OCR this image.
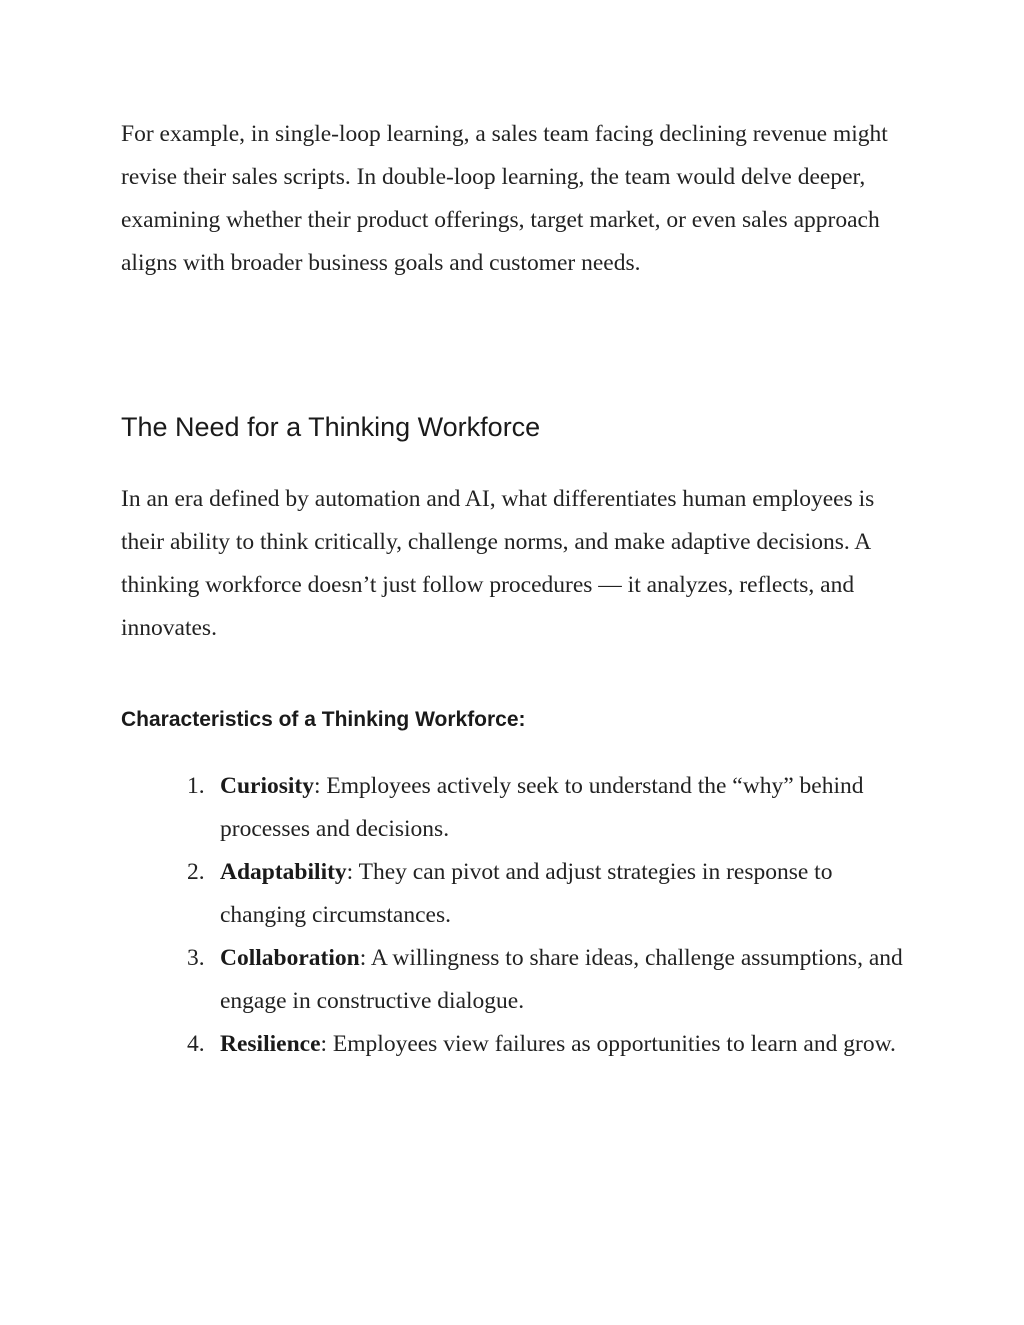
For example, in single-loop learning, a sales team facing declining revenue might revise their sales scripts. In double-loop learning, the team would delve deeper, examining whether their product offerings, target market, or even sales approach aligns with broader business goals and customer needs.

The Need for a Thinking Workforce

In an era defined by automation and AI, what differentiates human employees is their ability to think critically, challenge norms, and make adaptive decisions. A thinking workforce doesn’t just follow procedures — it analyzes, reflects, and innovates.

Characteristics of a Thinking Workforce:
1. Curiosity: Employees actively seek to understand the “why” behind processes and decisions.
2. Adaptability: They can pivot and adjust strategies in response to changing circumstances.
3. Collaboration: A willingness to share ideas, challenge assumptions, and engage in constructive dialogue.
4. Resilience: Employees view failures as opportunities to learn and grow.
